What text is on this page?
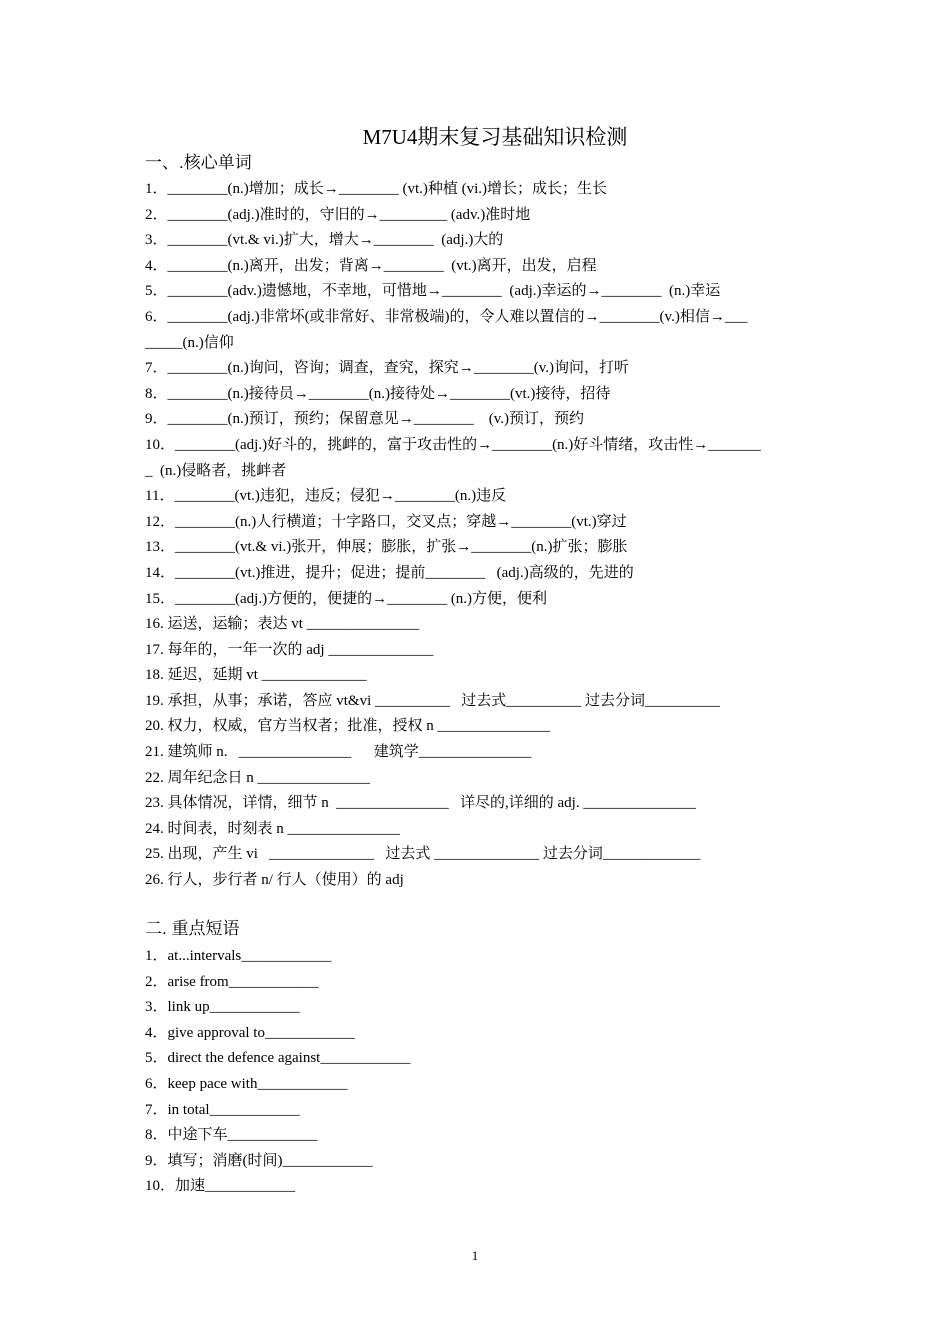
M7U4期末复习基础知识检测
一、.核心单词
1．________(n.)增加；成长→________ (vt.)种植 (vi.)增长；成长；生长
2．________(adj.)准时的，守旧的→_________ (adv.)准时地
3．________(vt.& vi.)扩大，增大→________  (adj.)大的
4．________(n.)离开，出发；背离→________  (vt.)离开，出发，启程
5．________(adv.)遗憾地，不幸地，可惜地→________  (adj.)幸运的→________  (n.)幸运
6．________(adj.)非常坏(或非常好、非常极端)的，令人难以置信的→________(v.)相信→___
_____(n.)信仰
7．________(n.)询问，咨询；调查，查究，探究→________(v.)询问，打听
8．________(n.)接待员→________(n.)接待处→________(vt.)接待，招待
9．________(n.)预订，预约；保留意见→________    (v.)预订，预约
10．________(adj.)好斗的，挑衅的，富于攻击性的→________(n.)好斗情绪，攻击性→_______
_  (n.)侵略者，挑衅者
11．________(vt.)违犯，违反；侵犯→________(n.)违反
12．________(n.)人行横道；十字路口，交叉点；穿越→________(vt.)穿过
13．________(vt.& vi.)张开，伸展；膨胀，扩张→________(n.)扩张；膨胀
14．________(vt.)推进，提升；促进；提前________   (adj.)高级的，先进的
15．________(adj.)方便的，便捷的→________ (n.)方便，便利
16. 运送，运输；表达 vt _______________
17. 每年的，一年一次的 adj ______________
18. 延迟，延期 vt ______________
19. 承担，从事；承诺，答应 vt&vi __________   过去式__________ 过去分词__________
20. 权力，权威，官方当权者；批准，授权 n _______________
21. 建筑师 n.   _______________      建筑学_______________
22. 周年纪念日 n _______________
23. 具体情况，详情，细节 n  _______________   详尽的,详细的 adj. _______________
24. 时间表，时刻表 n _______________
25. 出现，产生 vi   ______________   过去式 ______________ 过去分词_____________
26. 行人，步行者 n/ 行人（使用）的 adj
二. 重点短语
1．at...intervals____________
2．arise from____________
3．link up____________
4．give approval to____________
5．direct the defence against____________
6．keep pace with____________
7．in total____________
8．中途下车____________
9．填写；消磨(时间)____________
10．加速____________
1
